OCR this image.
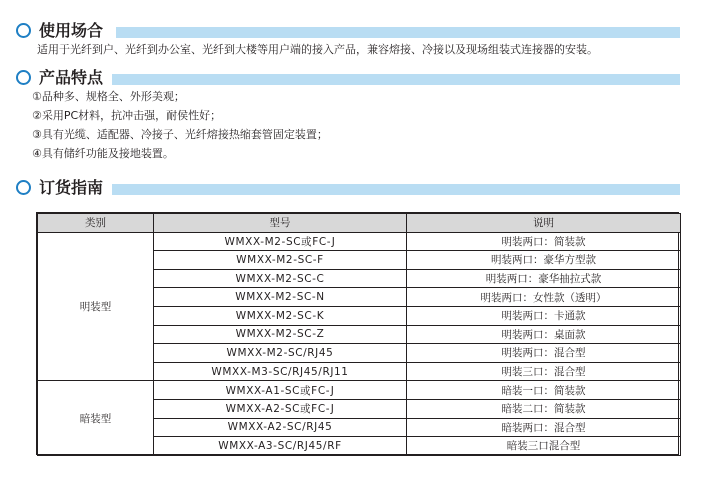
使用场合
适用于光纤到户、光纤到办公室、光纤到大楼等用户端的接入产品，兼容熔接、冷接以及现场组装式连接器的安装。
产品特点
①品种多、规格全、外形美观；
②采用PC材料，抗冲击强，耐侯性好；
③具有光缆、适配器、冷接子、光纤熔接热缩套管固定装置；
④具有储纤功能及接地装置。
订货指南
类别	型号	说明
明装型	WMXX-M2-SC或FC-J	明装两口：简装款
	WMXX-M2-SC-F	明装两口：豪华方型款
	WMXX-M2-SC-C	明装两口：豪华抽拉式款
	WMXX-M2-SC-N	明装两口：女性款（透明）
	WMXX-M2-SC-K	明装两口：卡通款
	WMXX-M2-SC-Z	明装两口：桌面款
	WMXX-M2-SC/RJ45	明装两口：混合型
	WMXX-M3-SC/RJ45/RJ11	明装三口：混合型
暗装型	WMXX-A1-SC或FC-J	暗装一口：简装款
	WMXX-A2-SC或FC-J	暗装二口：简装款
	WMXX-A2-SC/RJ45	暗装两口：混合型
	WMXX-A3-SC/RJ45/RF	暗装三口混合型
